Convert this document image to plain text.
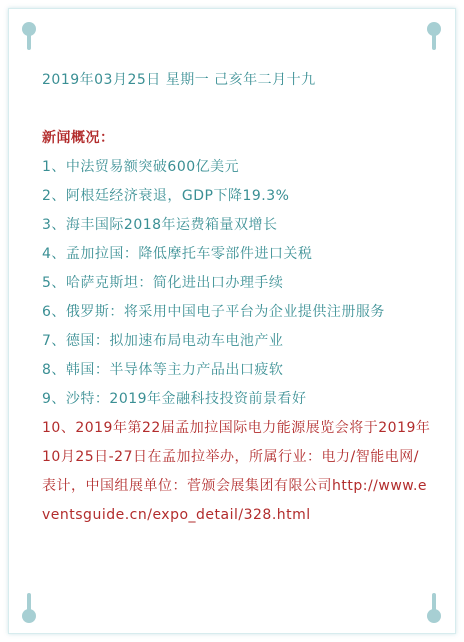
2019年03月25日 星期一 己亥年二月十九

新闻概况：

1、中法贸易额突破600亿美元

2、阿根廷经济衰退，GDP下降19.3%

3、海丰国际2018年运费箱量双增长

4、孟加拉国：降低摩托车零部件进口关税

5、哈萨克斯坦：简化进出口办理手续

6、俄罗斯：将采用中国电子平台为企业提供注册服务

7、德国：拟加速布局电动车电池产业

8、韩国：半导体等主力产品出口疲软

9、沙特：2019年金融科技投资前景看好

10、2019年第22届孟加拉国际电力能源展览会将于2019年10月25日-27日在孟加拉举办，所属行业：电力/智能电网/表计，中国组展单位：菅颁会展集团有限公司http://www.eventsguide.cn/expo_detail/328.html
